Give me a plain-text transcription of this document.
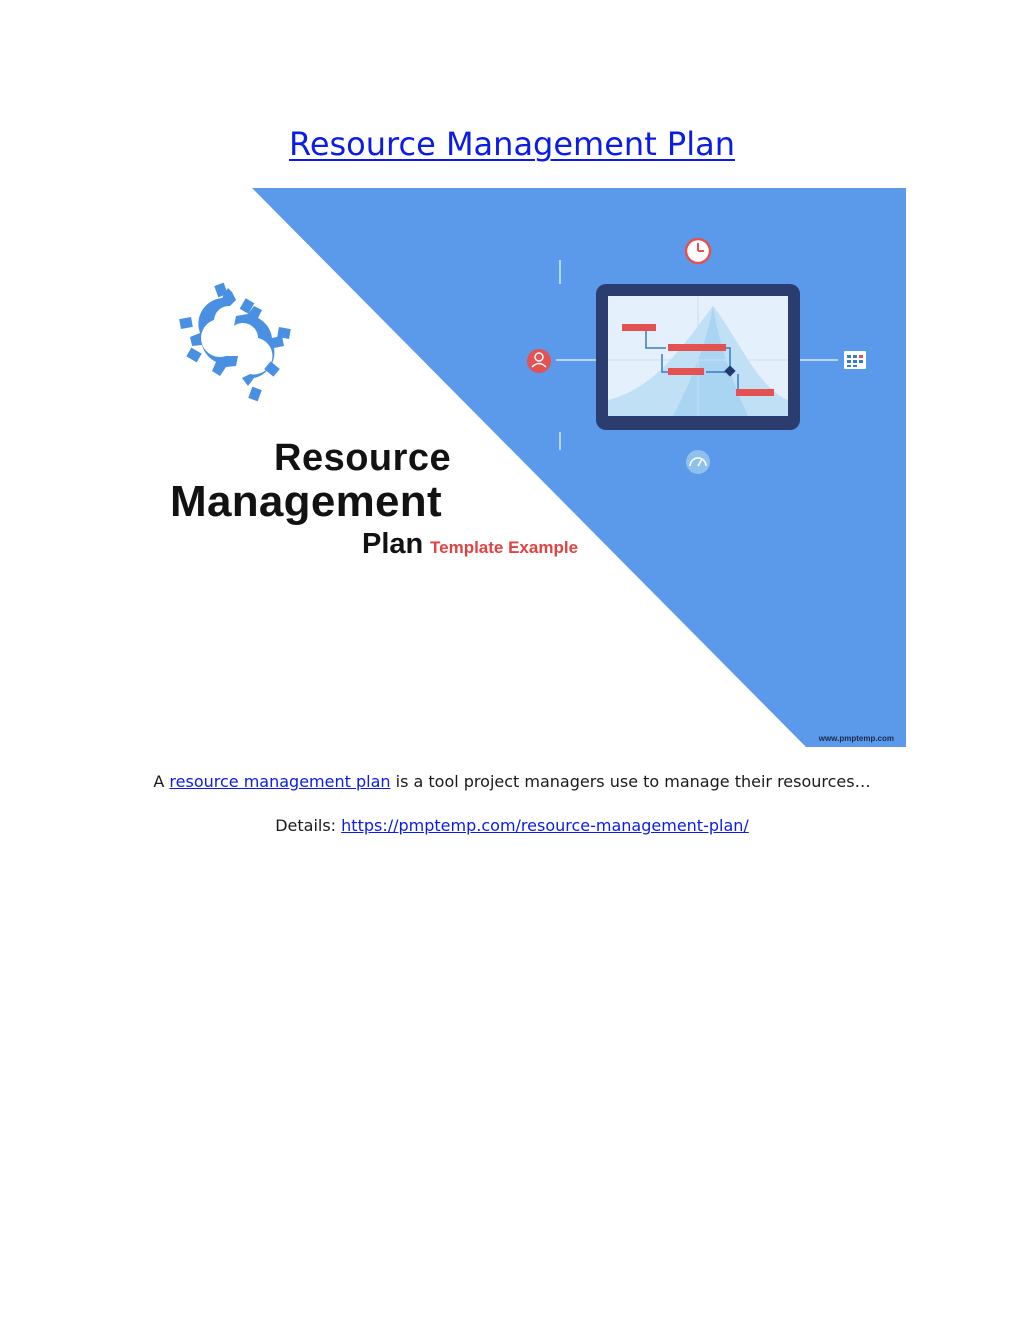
Resource Management Plan

Resource

Management

Plan Template Example
www.pmptemp.com

A resource management plan is a tool project managers use to manage their resources…

Details: https://pmptemp.com/resource-management-plan/
